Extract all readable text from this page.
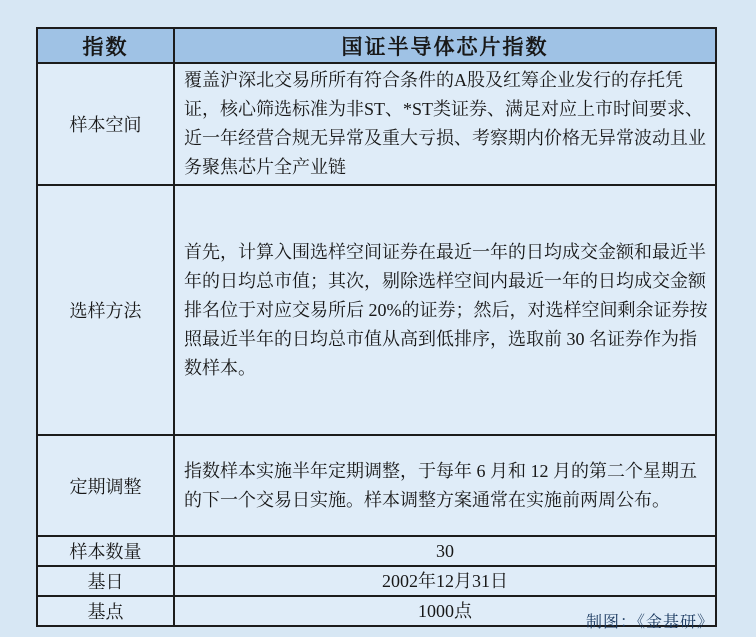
指数	国证半导体芯片指数
样本空间	覆盖沪深北交易所所有符合条件的A股及红筹企业发行的存托凭证，核心筛选标准为非ST、*ST类证券、满足对应上市时间要求、近一年经营合规无异常及重大亏损、考察期内价格无异常波动且业务聚焦芯片全产业链
选样方法	首先，计算入围选样空间证券在最近一年的日均成交金额和最近半年的日均总市值；其次，剔除选样空间内最近一年的日均成交金额排名位于对应交易所后 20%的证券；然后，对选样空间剩余证券按照最近半年的日均总市值从高到低排序，选取前 30 名证券作为指数样本。
定期调整	指数样本实施半年定期调整，于每年 6 月和 12 月的第二个星期五的下一个交易日实施。样本调整方案通常在实施前两周公布。
样本数量	30
基日	2002年12月31日
基点	1000点
制图：《金基研》
